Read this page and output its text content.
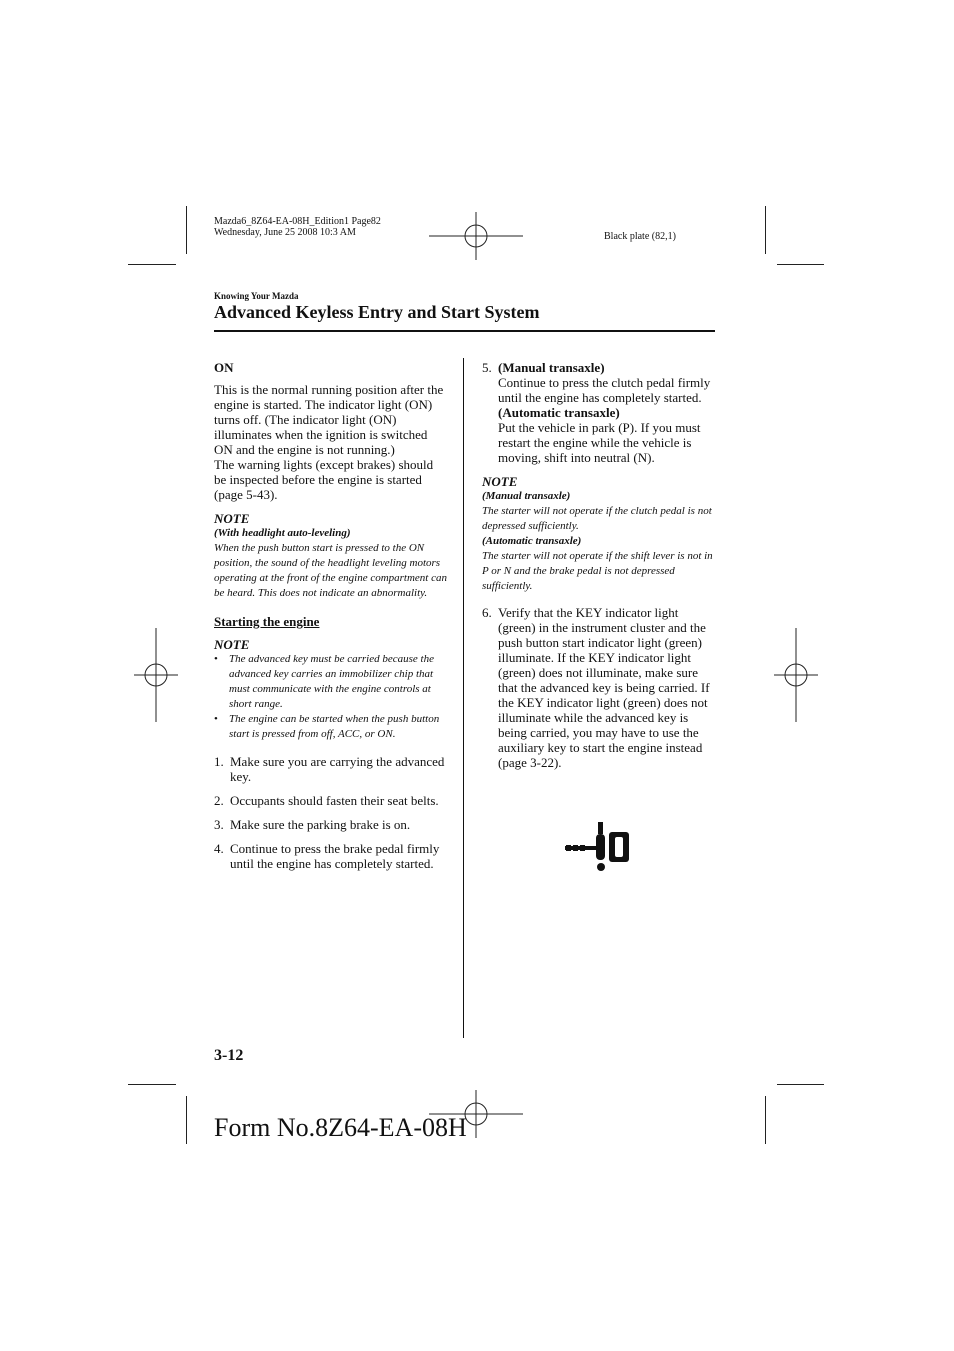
Mazda6_8Z64-EA-08H_Edition1 Page82
Wednesday, June 25 2008 10:3 AM	Black plate (82,1)
Knowing Your Mazda
Advanced Keyless Entry and Start System

ON

This is the normal running position after the engine is started. The indicator light (ON) turns off. (The indicator light (ON) illuminates when the ignition is switched ON and the engine is not running.)

The warning lights (except brakes) should be inspected before the engine is started (page 5-43).

NOTE

(With headlight auto-leveling)

When the push button start is pressed to the ON position, the sound of the headlight leveling motors operating at the front of the engine compartment can be heard. This does not indicate an abnormality.

Starting the engine

NOTE

•	The advanced key must be carried because the advanced key carries an immobilizer chip that must communicate with the engine controls at short range.
•	The engine can be started when the push button start is pressed from off, ACC, or ON.
1. Make sure you are carrying the advanced key.
2. Occupants should fasten their seat belts.
3. Make sure the parking brake is on.
4. Continue to press the brake pedal firmly until the engine has completely started.
5. (Manual transaxle)

Continue to press the clutch pedal firmly until the engine has completely started.

(Automatic transaxle)

Put the vehicle in park (P). If you must restart the engine while the vehicle is moving, shift into neutral (N).

NOTE

(Manual transaxle)

The starter will not operate if the clutch pedal is not depressed sufficiently.

(Automatic transaxle)

The starter will not operate if the shift lever is not in P or N and the brake pedal is not depressed sufficiently.

6. Verify that the KEY indicator light (green) in the instrument cluster and the push button start indicator light (green) illuminate. If the KEY indicator light (green) does not illuminate, make sure that the advanced key is being carried. If the KEY indicator light (green) does not illuminate while the advanced key is being carried, you may have to use the auxiliary key to start the engine instead (page 3-22).
3-12
Form No.8Z64-EA-08H
